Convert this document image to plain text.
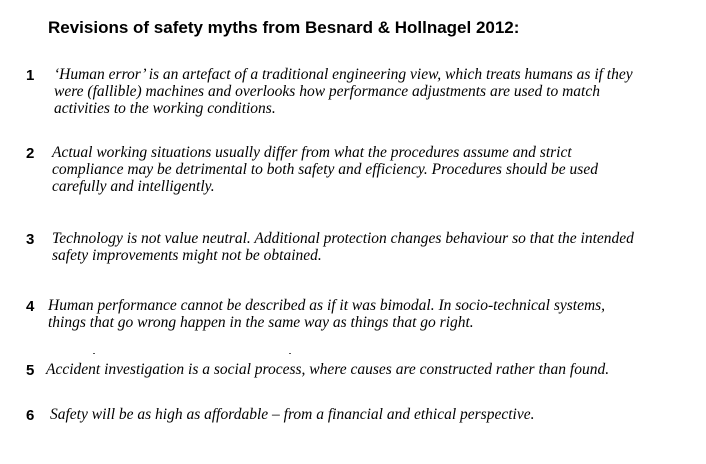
Revisions of safety myths from Besnard & Hollnagel 2012:
1	‘Human error’ is an artefact of a traditional engineering view, which treats humans as if they
were (fallible) machines and overlooks how performance adjustments are used to match
activities to the working conditions.
2	Actual working situations usually differ from what the procedures assume and strict
compliance may be detrimental to both safety and efficiency. Procedures should be used
carefully and intelligently.
3	Technology is not value neutral. Additional protection changes behaviour so that the intended
safety improvements might not be obtained.
4 Human performance cannot be described as if it was bimodal. In socio-technical systems,
things that go wrong happen in the same way as things that go right.
5 Accident investigation is a social process, where causes are constructed rather than found.
6	Safety will be as high as affordable – from a financial and ethical perspective.
